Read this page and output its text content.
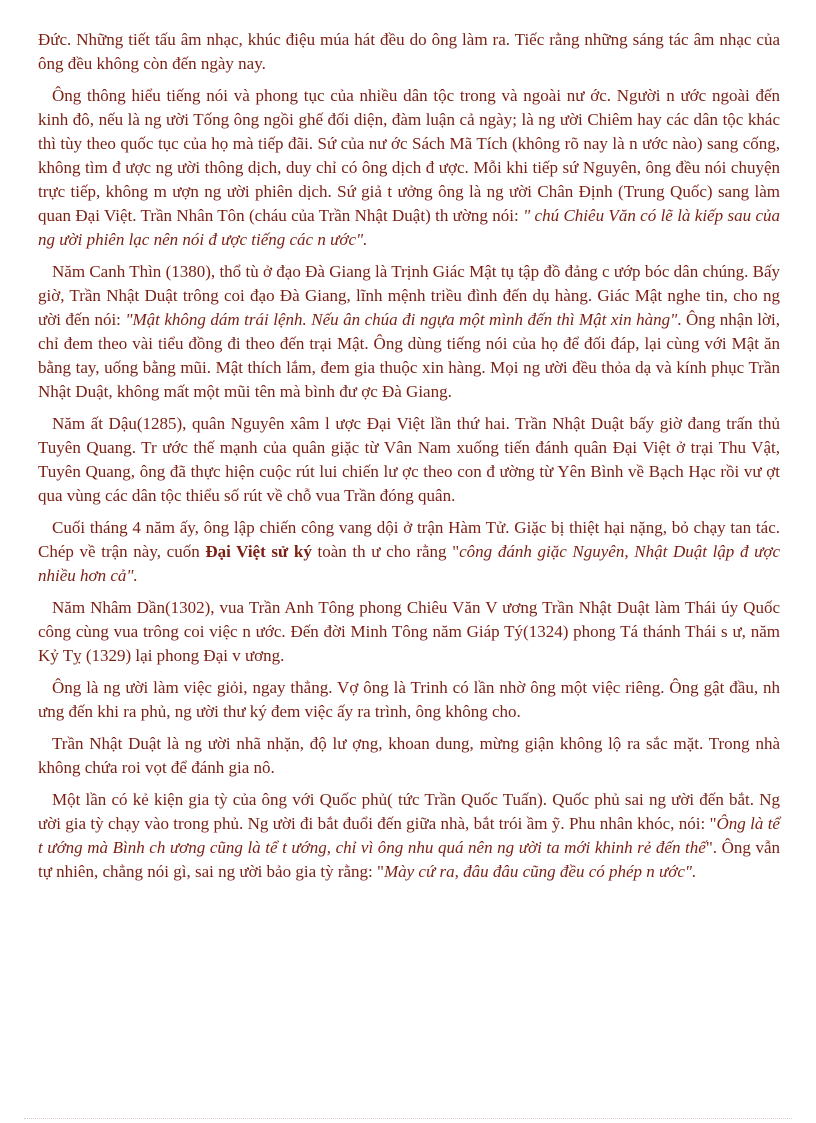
Đức. Những tiết tấu âm nhạc, khúc điệu múa hát đều do ông làm ra. Tiếc rằng những sáng tác âm nhạc của ông đều không còn đến ngày nay.

Ông thông hiểu tiếng nói và phong tục của nhiều dân tộc trong và ngoài nư ớc. Người n ước ngoài đến kinh đô, nếu là ng ười Tống ông ngồi ghế đối diện, đàm luận cả ngày; là ng ười Chiêm hay các dân tộc khác thì tùy theo quốc tục của họ mà tiếp đãi. Sứ của nư ớc Sách Mã Tích (không rõ nay là n ước nào) sang cống, không tìm đ ược ng ười thông dịch, duy chỉ có ông dịch đ ược. Mỗi khi tiếp sứ Nguyên, ông đều nói chuyện trực tiếp, không m ượn ng ười phiên dịch. Sứ giả t ưởng ông là ng ười Chân Định (Trung Quốc) sang làm quan Đại Việt. Trần Nhân Tôn (cháu của Trần Nhật Duật) th ường nói: " chú Chiêu Văn có lẽ là kiếp sau của ng ười phiên lạc nên nói đ ược tiếng các n ước".

Năm Canh Thìn (1380), thổ tù ở đạo Đà Giang là Trịnh Giác Mật tụ tập đồ đảng c ướp bóc dân chúng. Bấy giờ, Trần Nhật Duật trông coi đạo Đà Giang, lĩnh mệnh triều đình đến dụ hàng. Giác Mật nghe tin, cho ng ười đến nói: "Mật không dám trái lệnh. Nếu ân chúa đi ngựa một mình đến thì Mật xin hàng". Ông nhận lời, chỉ đem theo vài tiểu đồng đi theo đến trại Mật. Ông dùng tiếng nói của họ để đối đáp, lại cùng với Mật ăn bằng tay, uống bằng mũi. Mật thích lắm, đem gia thuộc xin hàng. Mọi ng ười đều thỏa dạ và kính phục Trần Nhật Duật, không mất một mũi tên mà bình đư ợc Đà Giang.

Năm ất Dậu(1285), quân Nguyên xâm l ược Đại Việt lần thứ hai. Trần Nhật Duật bấy giờ đang trấn thủ Tuyên Quang. Tr ước thế mạnh của quân giặc từ Vân Nam xuống tiến đánh quân Đại Việt ở trại Thu Vật, Tuyên Quang, ông đã thực hiện cuộc rút lui chiến lư ợc theo con đ ường từ Yên Bình về Bạch Hạc rồi vư ợt qua vùng các dân tộc thiểu số rút về chỗ vua Trần đóng quân.

Cuối tháng 4 năm ấy, ông lập chiến công vang dội ở trận Hàm Tử. Giặc bị thiệt hại nặng, bỏ chạy tan tác. Chép về trận này, cuốn Đại Việt sử ký toàn th ư cho rằng "công đánh giặc Nguyên, Nhật Duật lập đ ược nhiều hơn cả".

Năm Nhâm Dần(1302), vua Trần Anh Tông phong Chiêu Văn V ương Trần Nhật Duật làm Thái úy Quốc công cùng vua trông coi việc n ước. Đến đời Minh Tông năm Giáp Tý(1324) phong Tá thánh Thái s ư, năm Kỷ Tỵ (1329) lại phong Đại v ương.

Ông là ng ười làm việc giỏi, ngay thẳng. Vợ ông là Trinh có lần nhờ ông một việc riêng. Ông gật đầu, nh ưng đến khi ra phủ, ng ười thư ký đem việc ấy ra trình, ông không cho.

Trần Nhật Duật là ng ười nhã nhặn, độ lư ợng, khoan dung, mừng giận không lộ ra sắc mặt. Trong nhà không chứa roi vọt để đánh gia nô.

Một lần có kẻ kiện gia tỳ của ông với Quốc phủ( tức Trần Quốc Tuấn). Quốc phủ sai ng ười đến bắt. Ng ười gia tỳ chạy vào trong phủ. Ng ười đi bắt đuổi đến giữa nhà, bắt trói ầm ỹ. Phu nhân khóc, nói: "Ông là tể t ướng mà Bình ch ương cũng là tể t ướng, chỉ vì ông nhu quá nên ng ười ta mới khinh rẻ đến thế". Ông vẫn tự nhiên, chẳng nói gì, sai ng ười bảo gia tỳ rằng: "Mày cứ ra, đâu đâu cũng đều có phép n ước".
